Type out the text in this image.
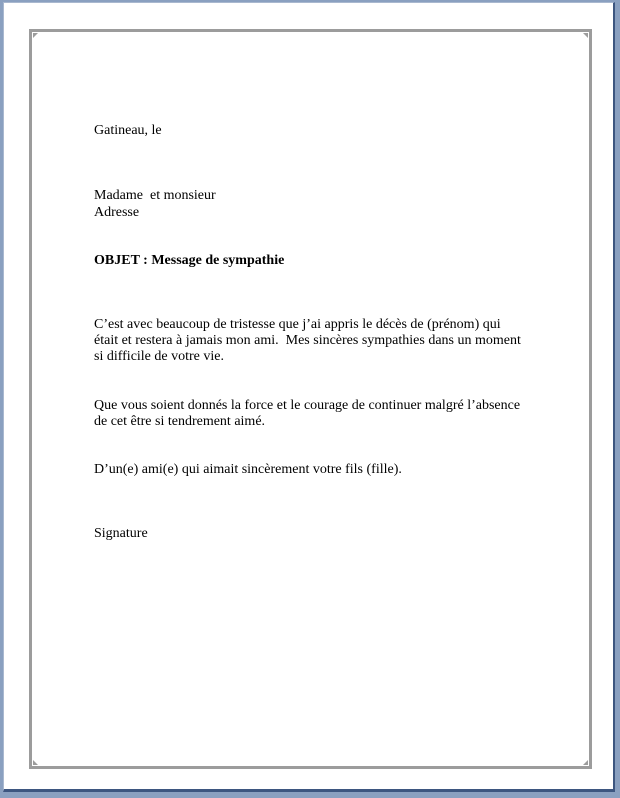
Gatineau, le
Madame  et monsieur
Adresse
OBJET : Message de sympathie
C’est avec beaucoup de tristesse que j’ai appris le décès de (prénom) qui
était et restera à jamais mon ami.  Mes sincères sympathies dans un moment
si difficile de votre vie.
Que vous soient donnés la force et le courage de continuer malgré l’absence
de cet être si tendrement aimé.
D’un(e) ami(e) qui aimait sincèrement votre fils (fille).
Signature
